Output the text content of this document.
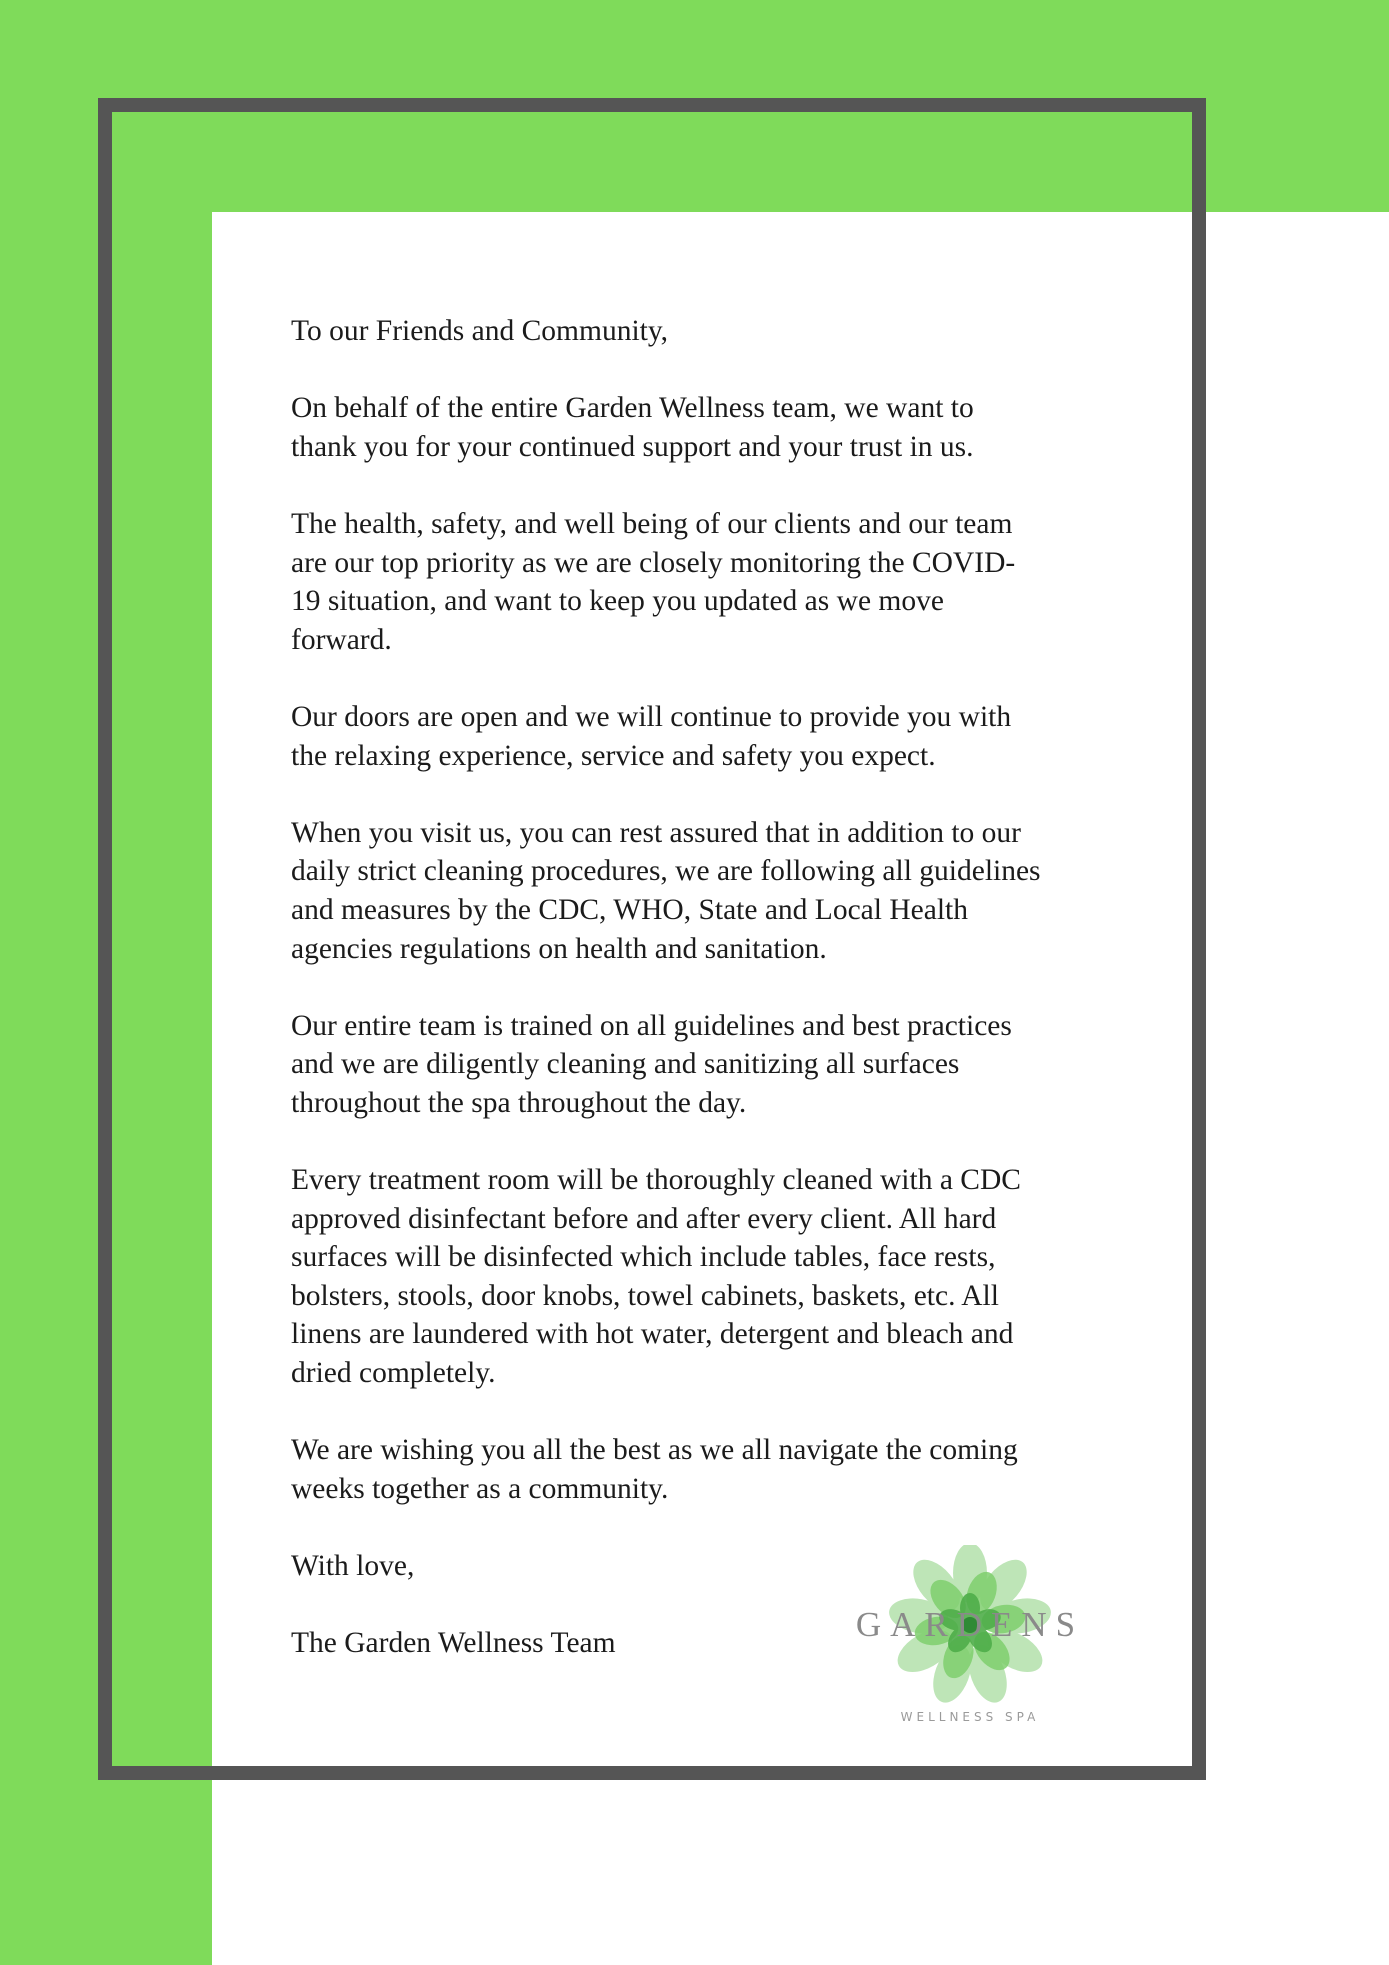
To our Friends and Community,

On behalf of the entire Garden Wellness team, we want to
thank you for your continued support and your trust in us.

The health, safety, and well being of our clients and our team
are our top priority as we are closely monitoring the COVID-
19 situation, and want to keep you updated as we move
forward.

Our doors are open and we will continue to provide you with
the relaxing experience, service and safety you expect.

When you visit us, you can rest assured that in addition to our
daily strict cleaning procedures, we are following all guidelines
and measures by the CDC, WHO, State and Local Health
agencies regulations on health and sanitation.

Our entire team is trained on all guidelines and best practices
and we are diligently cleaning and sanitizing all surfaces
throughout the spa throughout the day.

Every treatment room will be thoroughly cleaned with a CDC
approved disinfectant before and after every client. All hard
surfaces will be disinfected which include tables, face rests,
bolsters, stools, door knobs, towel cabinets, baskets, etc. All
linens are laundered with hot water, detergent and bleach and
dried completely.

We are wishing you all the best as we all navigate the coming
weeks together as a community.

With love,

The Garden Wellness Team	GARDENS
WELLNESS SPA
